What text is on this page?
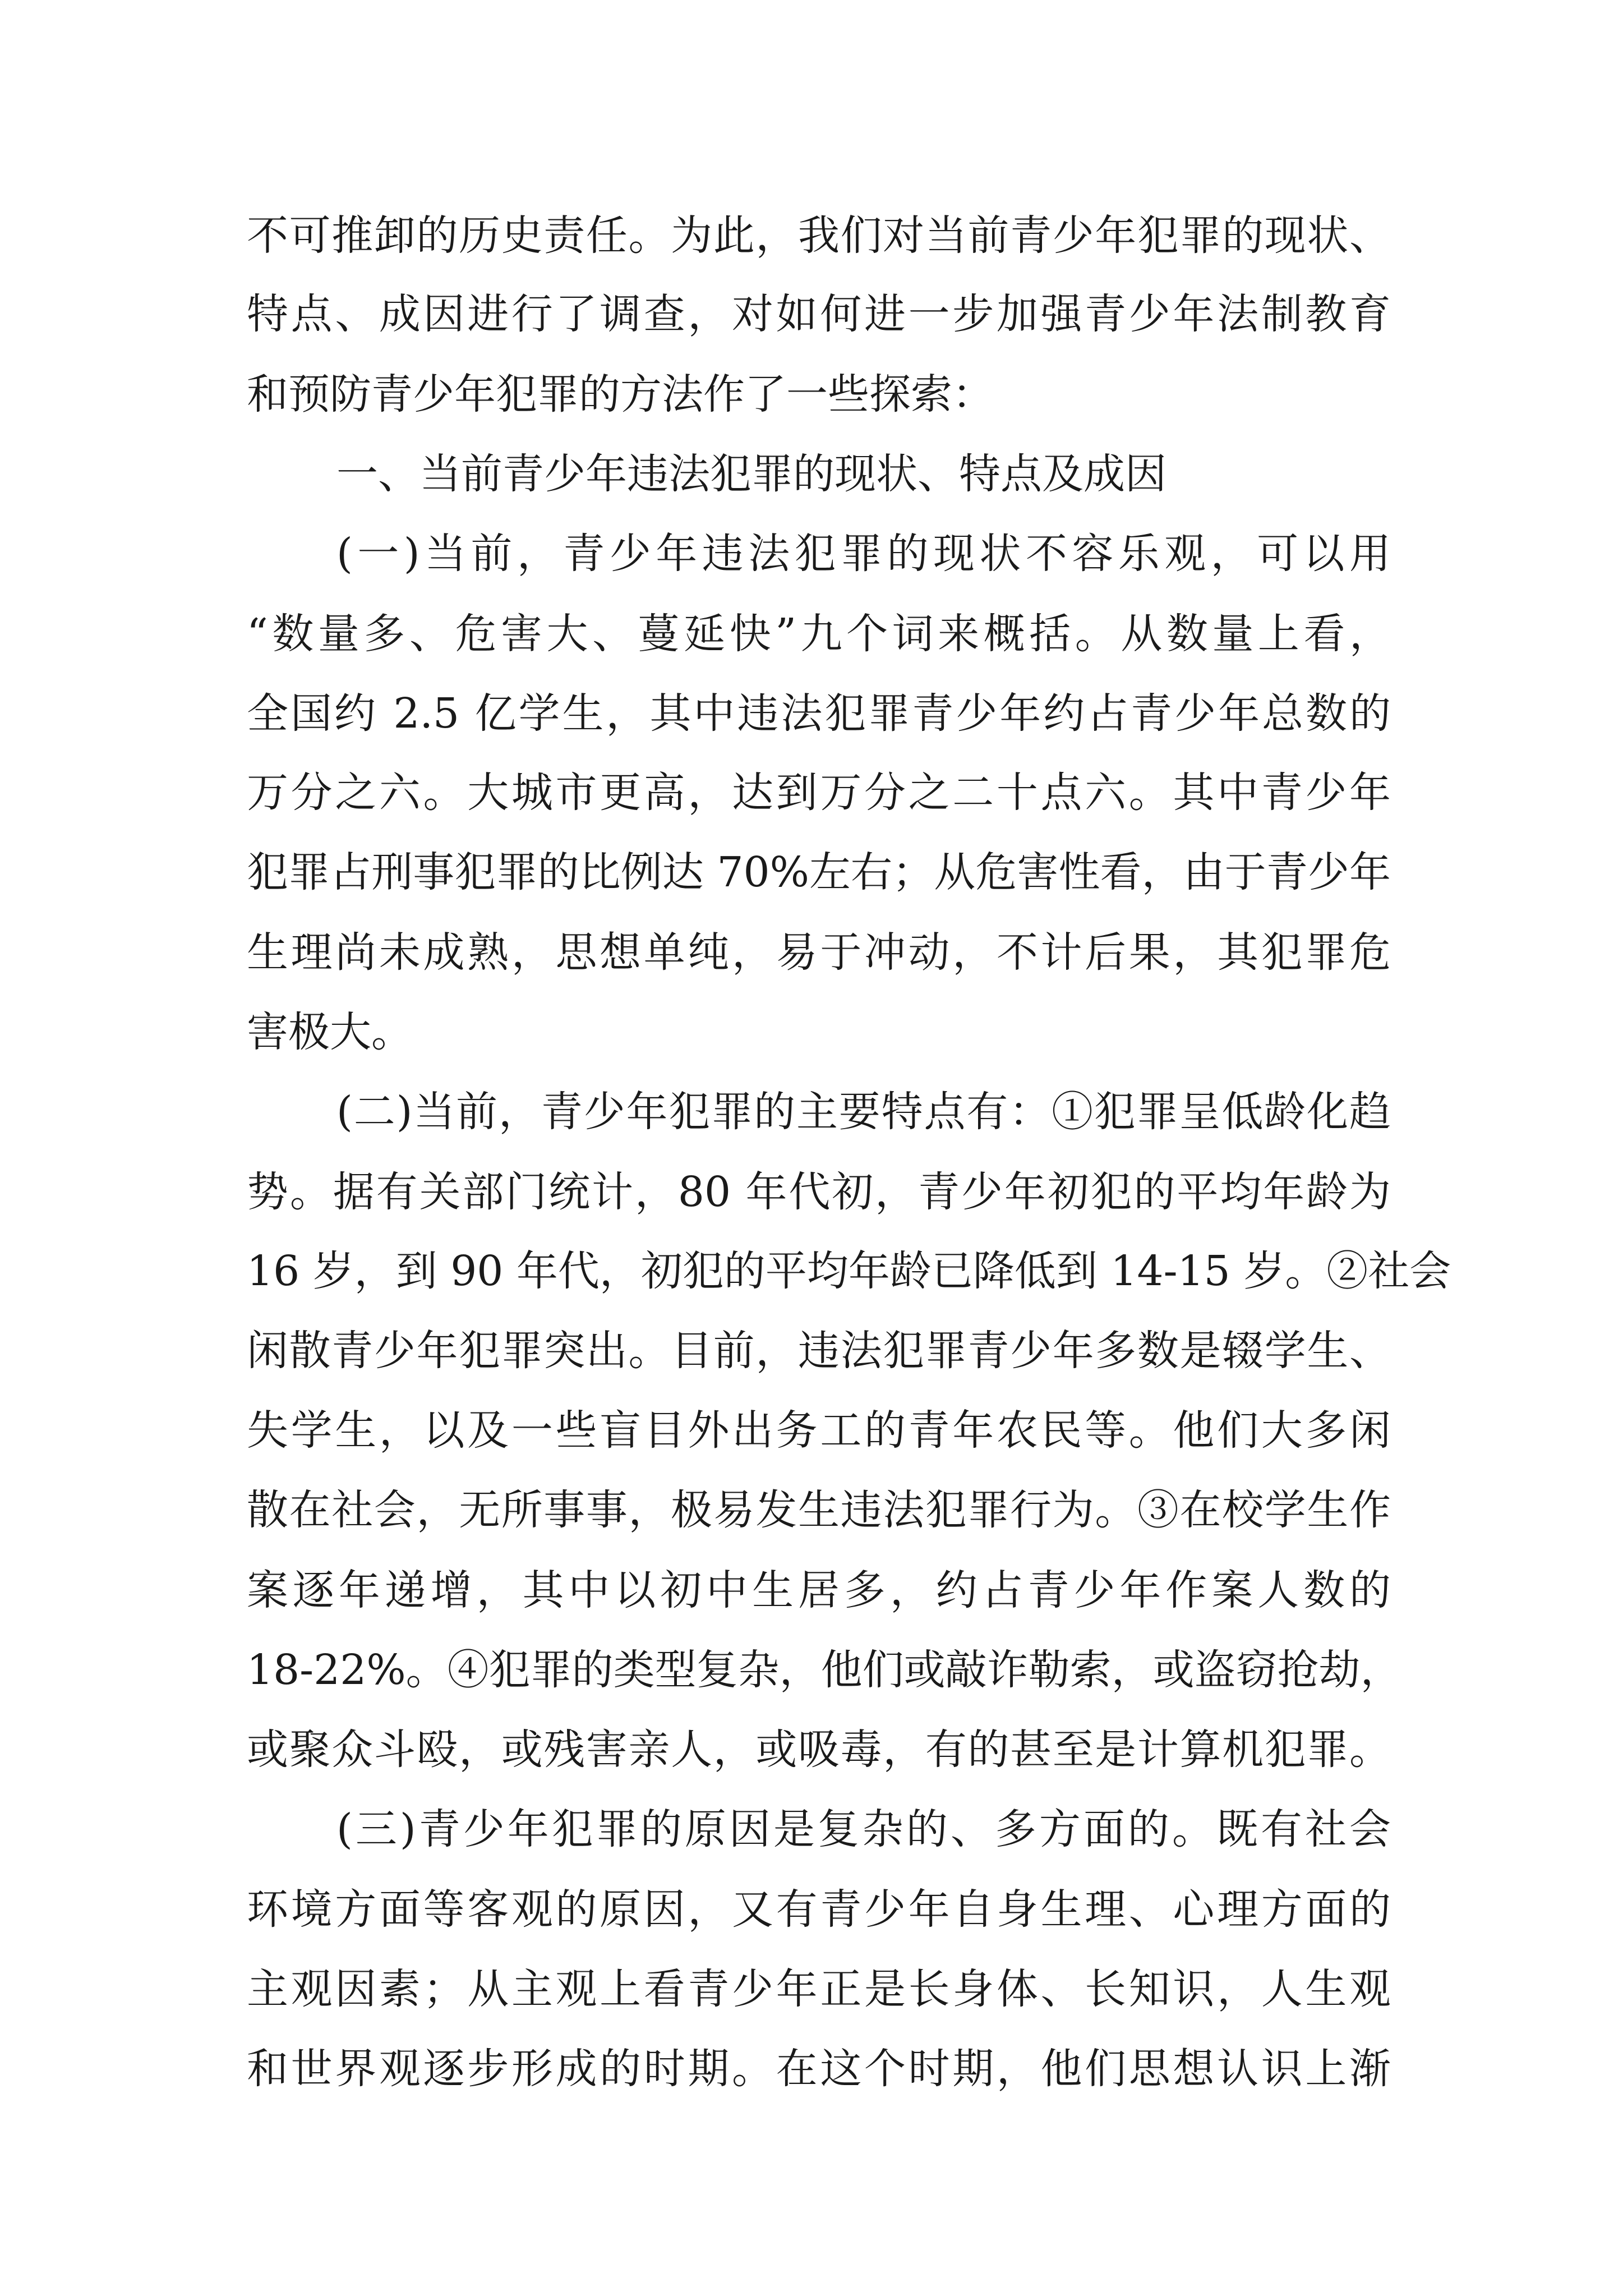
不可推卸的历史责任。为此，我们对当前青少年犯罪的现状、

特点、成因进行了调查，对如何进一步加强青少年法制教育

和预防青少年犯罪的方法作了一些探索：

一、当前青少年违法犯罪的现状、特点及成因

(一)当前，青少年违法犯罪的现状不容乐观，可以用

“数量多、危害大、蔓延快”九个词来概括。从数量上看，

全国约 2.5 亿学生，其中违法犯罪青少年约占青少年总数的

万分之六。大城市更高，达到万分之二十点六。其中青少年

犯罪占刑事犯罪的比例达 70%左右；从危害性看，由于青少年

生理尚未成熟，思想单纯，易于冲动，不计后果，其犯罪危

害极大。

(二)当前，青少年犯罪的主要特点有：①犯罪呈低龄化趋

势。据有关部门统计，80 年代初，青少年初犯的平均年龄为

16 岁，到 90 年代，初犯的平均年龄已降低到 14-15 岁。②社会

闲散青少年犯罪突出。目前，违法犯罪青少年多数是辍学生、

失学生，以及一些盲目外出务工的青年农民等。他们大多闲

散在社会，无所事事，极易发生违法犯罪行为。③在校学生作

案逐年递增，其中以初中生居多，约占青少年作案人数的

18-22%。④犯罪的类型复杂，他们或敲诈勒索，或盗窃抢劫，

或聚众斗殴，或残害亲人，或吸毒，有的甚至是计算机犯罪。

(三)青少年犯罪的原因是复杂的、多方面的。既有社会

环境方面等客观的原因，又有青少年自身生理、心理方面的

主观因素；从主观上看青少年正是长身体、长知识，人生观

和世界观逐步形成的时期。在这个时期，他们思想认识上渐
